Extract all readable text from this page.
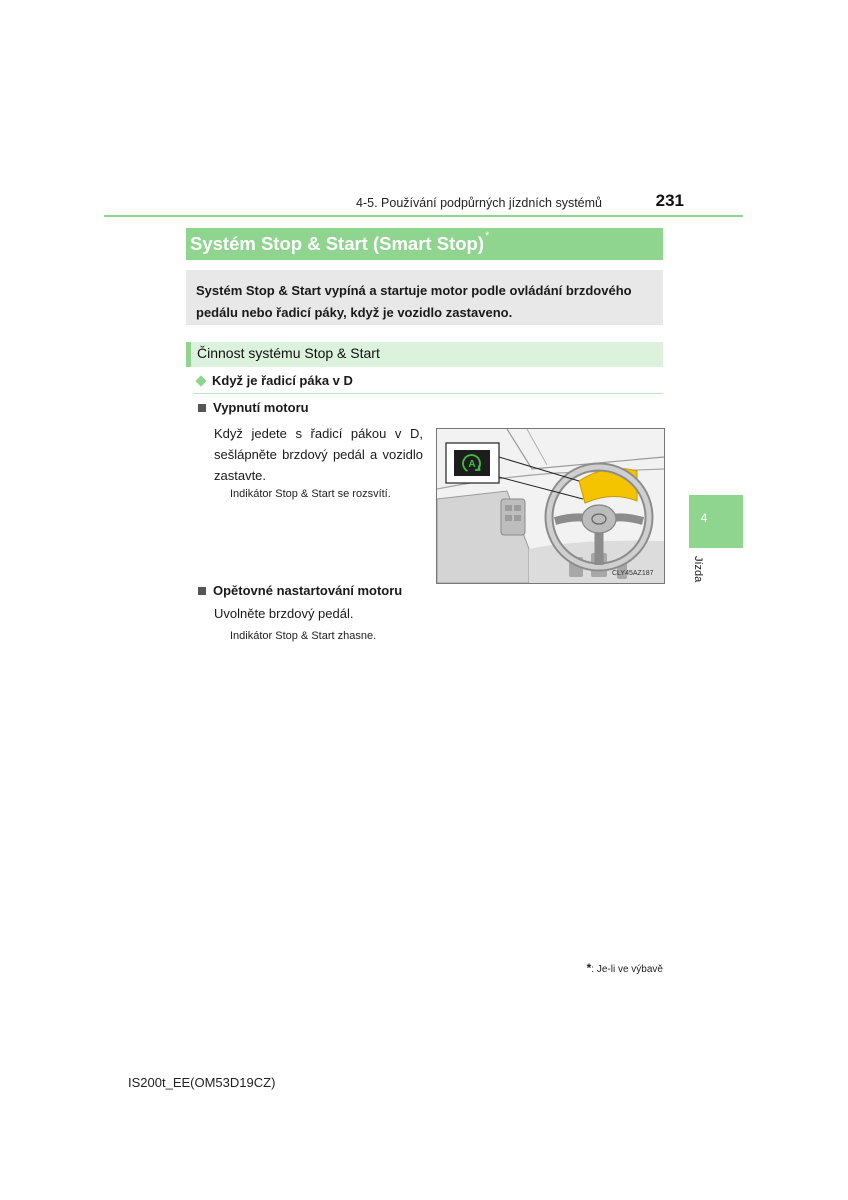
4-5. Používání podpůrných jízdních systémů	231
Systém Stop & Start (Smart Stop)*
Systém Stop & Start vypíná a startuje motor podle ovládání brzdového pedálu nebo řadicí páky, když je vozidlo zastaveno.
Činnost systému Stop & Start
Když je řadicí páka v D
Vypnutí motoru
Když jedete s řadicí pákou v D, sešlápněte brzdový pedál a vozidlo zastavte.
Indikátor Stop & Start se rozsvítí.
A
CLY45AZ187
Opětovné nastartování motoru
Uvolněte brzdový pedál.
Indikátor Stop & Start zhasne.
4
Jízda
*: Je-li ve výbavě
IS200t_EE(OM53D19CZ)
